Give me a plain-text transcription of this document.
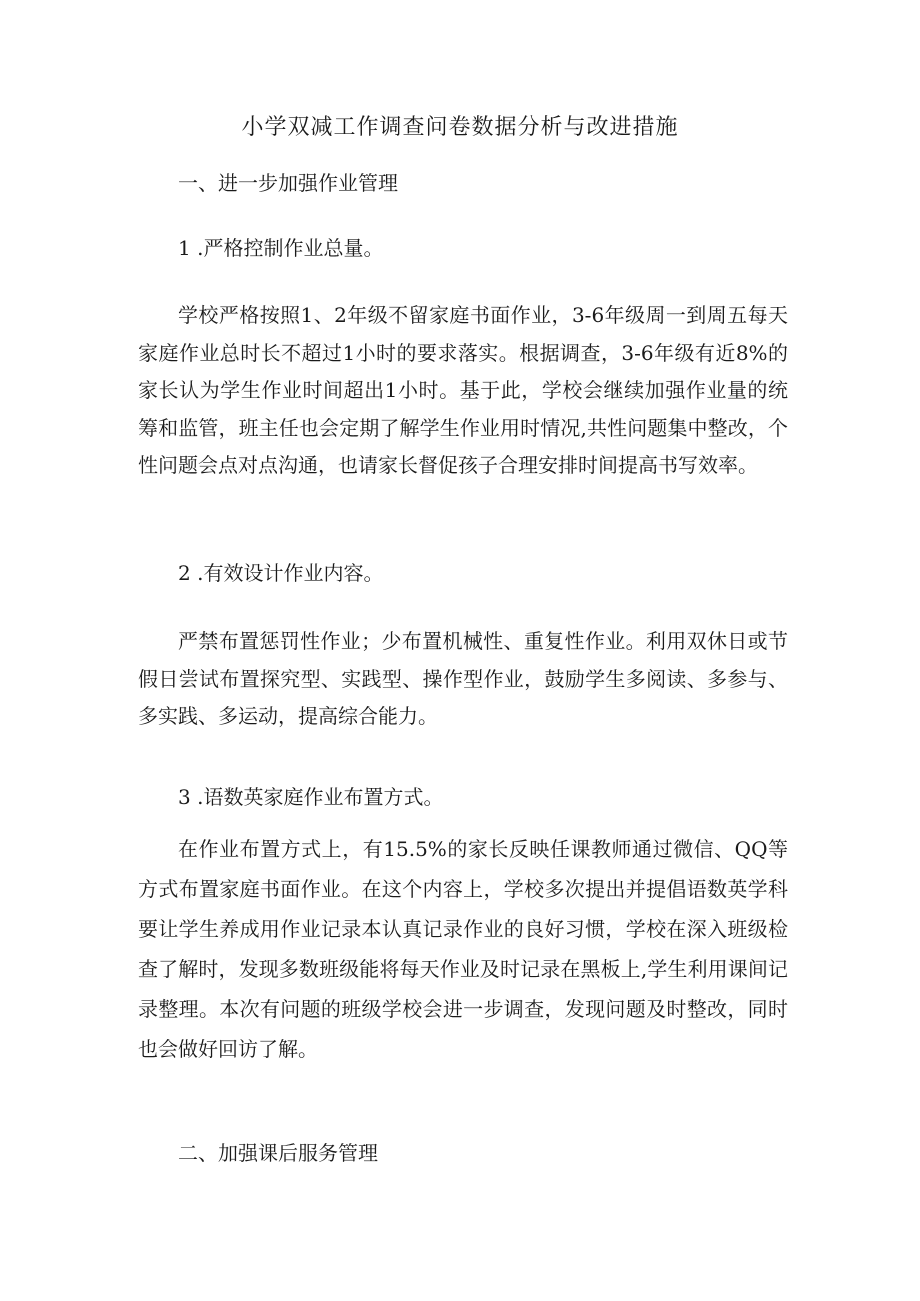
小学双减工作调查问卷数据分析与改进措施
一、进一步加强作业管理
1 .严格控制作业总量。
学校严格按照1、2年级不留家庭书面作业，3-6年级周一到周五每天家庭作业总时长不超过1小时的要求落实。根据调查，3-6年级有近8%的家长认为学生作业时间超出1小时。基于此，学校会继续加强作业量的统筹和监管，班主任也会定期了解学生作业用时情况,共性问题集中整改，个性问题会点对点沟通，也请家长督促孩子合理安排时间提高书写效率。
2 .有效设计作业内容。
严禁布置惩罚性作业；少布置机械性、重复性作业。利用双休日或节假日尝试布置探究型、实践型、操作型作业，鼓励学生多阅读、多参与、多实践、多运动，提高综合能力。
3 .语数英家庭作业布置方式。
在作业布置方式上，有15.5%的家长反映任课教师通过微信、QQ等方式布置家庭书面作业。在这个内容上，学校多次提出并提倡语数英学科要让学生养成用作业记录本认真记录作业的良好习惯，学校在深入班级检查了解时，发现多数班级能将每天作业及时记录在黑板上,学生利用课间记录整理。本次有问题的班级学校会进一步调查，发现问题及时整改，同时也会做好回访了解。
二、加强课后服务管理
